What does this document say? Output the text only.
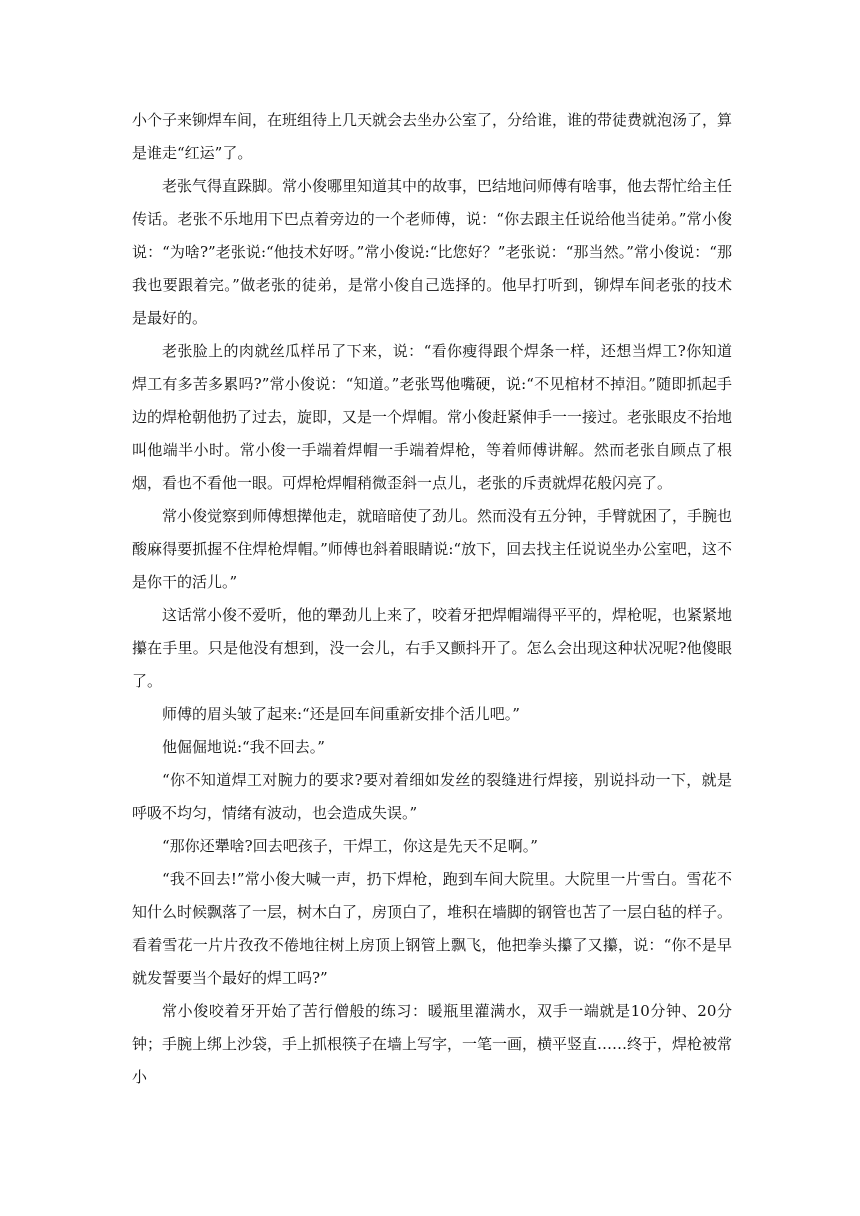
小个子来铆焊车间，在班组待上几天就会去坐办公室了，分给谁，谁的带徒费就泡汤了，算是谁走“红运”了。

老张气得直跺脚。常小俊哪里知道其中的故事，巴结地问师傅有啥事，他去帮忙给主任传话。老张不乐地用下巴点着旁边的一个老师傅，说：“你去跟主任说给他当徒弟。”常小俊说：“为啥?”老张说:“他技术好呀。”常小俊说:“比您好？”老张说：“那当然。”常小俊说：“那我也要跟着完。”做老张的徒弟，是常小俊自己选择的。他早打听到，铆焊车间老张的技术是最好的。

老张脸上的肉就丝瓜样吊了下来，说：“看你瘦得跟个焊条一样，还想当焊工?你知道焊工有多苦多累吗?”常小俊说：“知道。”老张骂他嘴硬，说:“不见棺材不掉泪。”随即抓起手边的焊枪朝他扔了过去，旋即，又是一个焊帽。常小俊赶紧伸手一一接过。老张眼皮不抬地叫他端半小时。常小俊一手端着焊帽一手端着焊枪，等着师傅讲解。然而老张自顾点了根烟，看也不看他一眼。可焊枪焊帽稍微歪斜一点儿，老张的斥责就焊花般闪亮了。

常小俊觉察到师傅想撵他走，就暗暗使了劲儿。然而没有五分钟，手臂就困了，手腕也酸麻得要抓握不住焊枪焊帽。”师傅也斜着眼睛说:“放下，回去找主任说说坐办公室吧，这不是你干的活儿。”

这话常小俊不爱听，他的犟劲儿上来了，咬着牙把焊帽端得平平的，焊枪呢，也紧紧地攥在手里。只是他没有想到，没一会儿，右手又颤抖开了。怎么会出现这种状况呢?他傻眼了。

师傅的眉头皱了起来:“还是回车间重新安排个活儿吧。”

他倔倔地说:“我不回去。”

“你不知道焊工对腕力的要求?要对着细如发丝的裂缝进行焊接，别说抖动一下，就是呼吸不均匀，情绪有波动，也会造成失误。”

“那你还犟啥?回去吧孩子，干焊工，你这是先天不足啊。”

“我不回去!”常小俊大喊一声，扔下焊枪，跑到车间大院里。大院里一片雪白。雪花不知什么时候飘落了一层，树木白了，房顶白了，堆积在墙脚的钢管也苫了一层白毡的样子。看着雪花一片片孜孜不倦地往树上房顶上钢管上飘飞，他把拳头攥了又攥，说：“你不是早就发誓要当个最好的焊工吗?”

常小俊咬着牙开始了苦行僧般的练习：暖瓶里灌满水，双手一端就是10分钟、20分钟；手腕上绑上沙袋，手上抓根筷子在墙上写字，一笔一画，横平竖直……终于，焊枪被常小
